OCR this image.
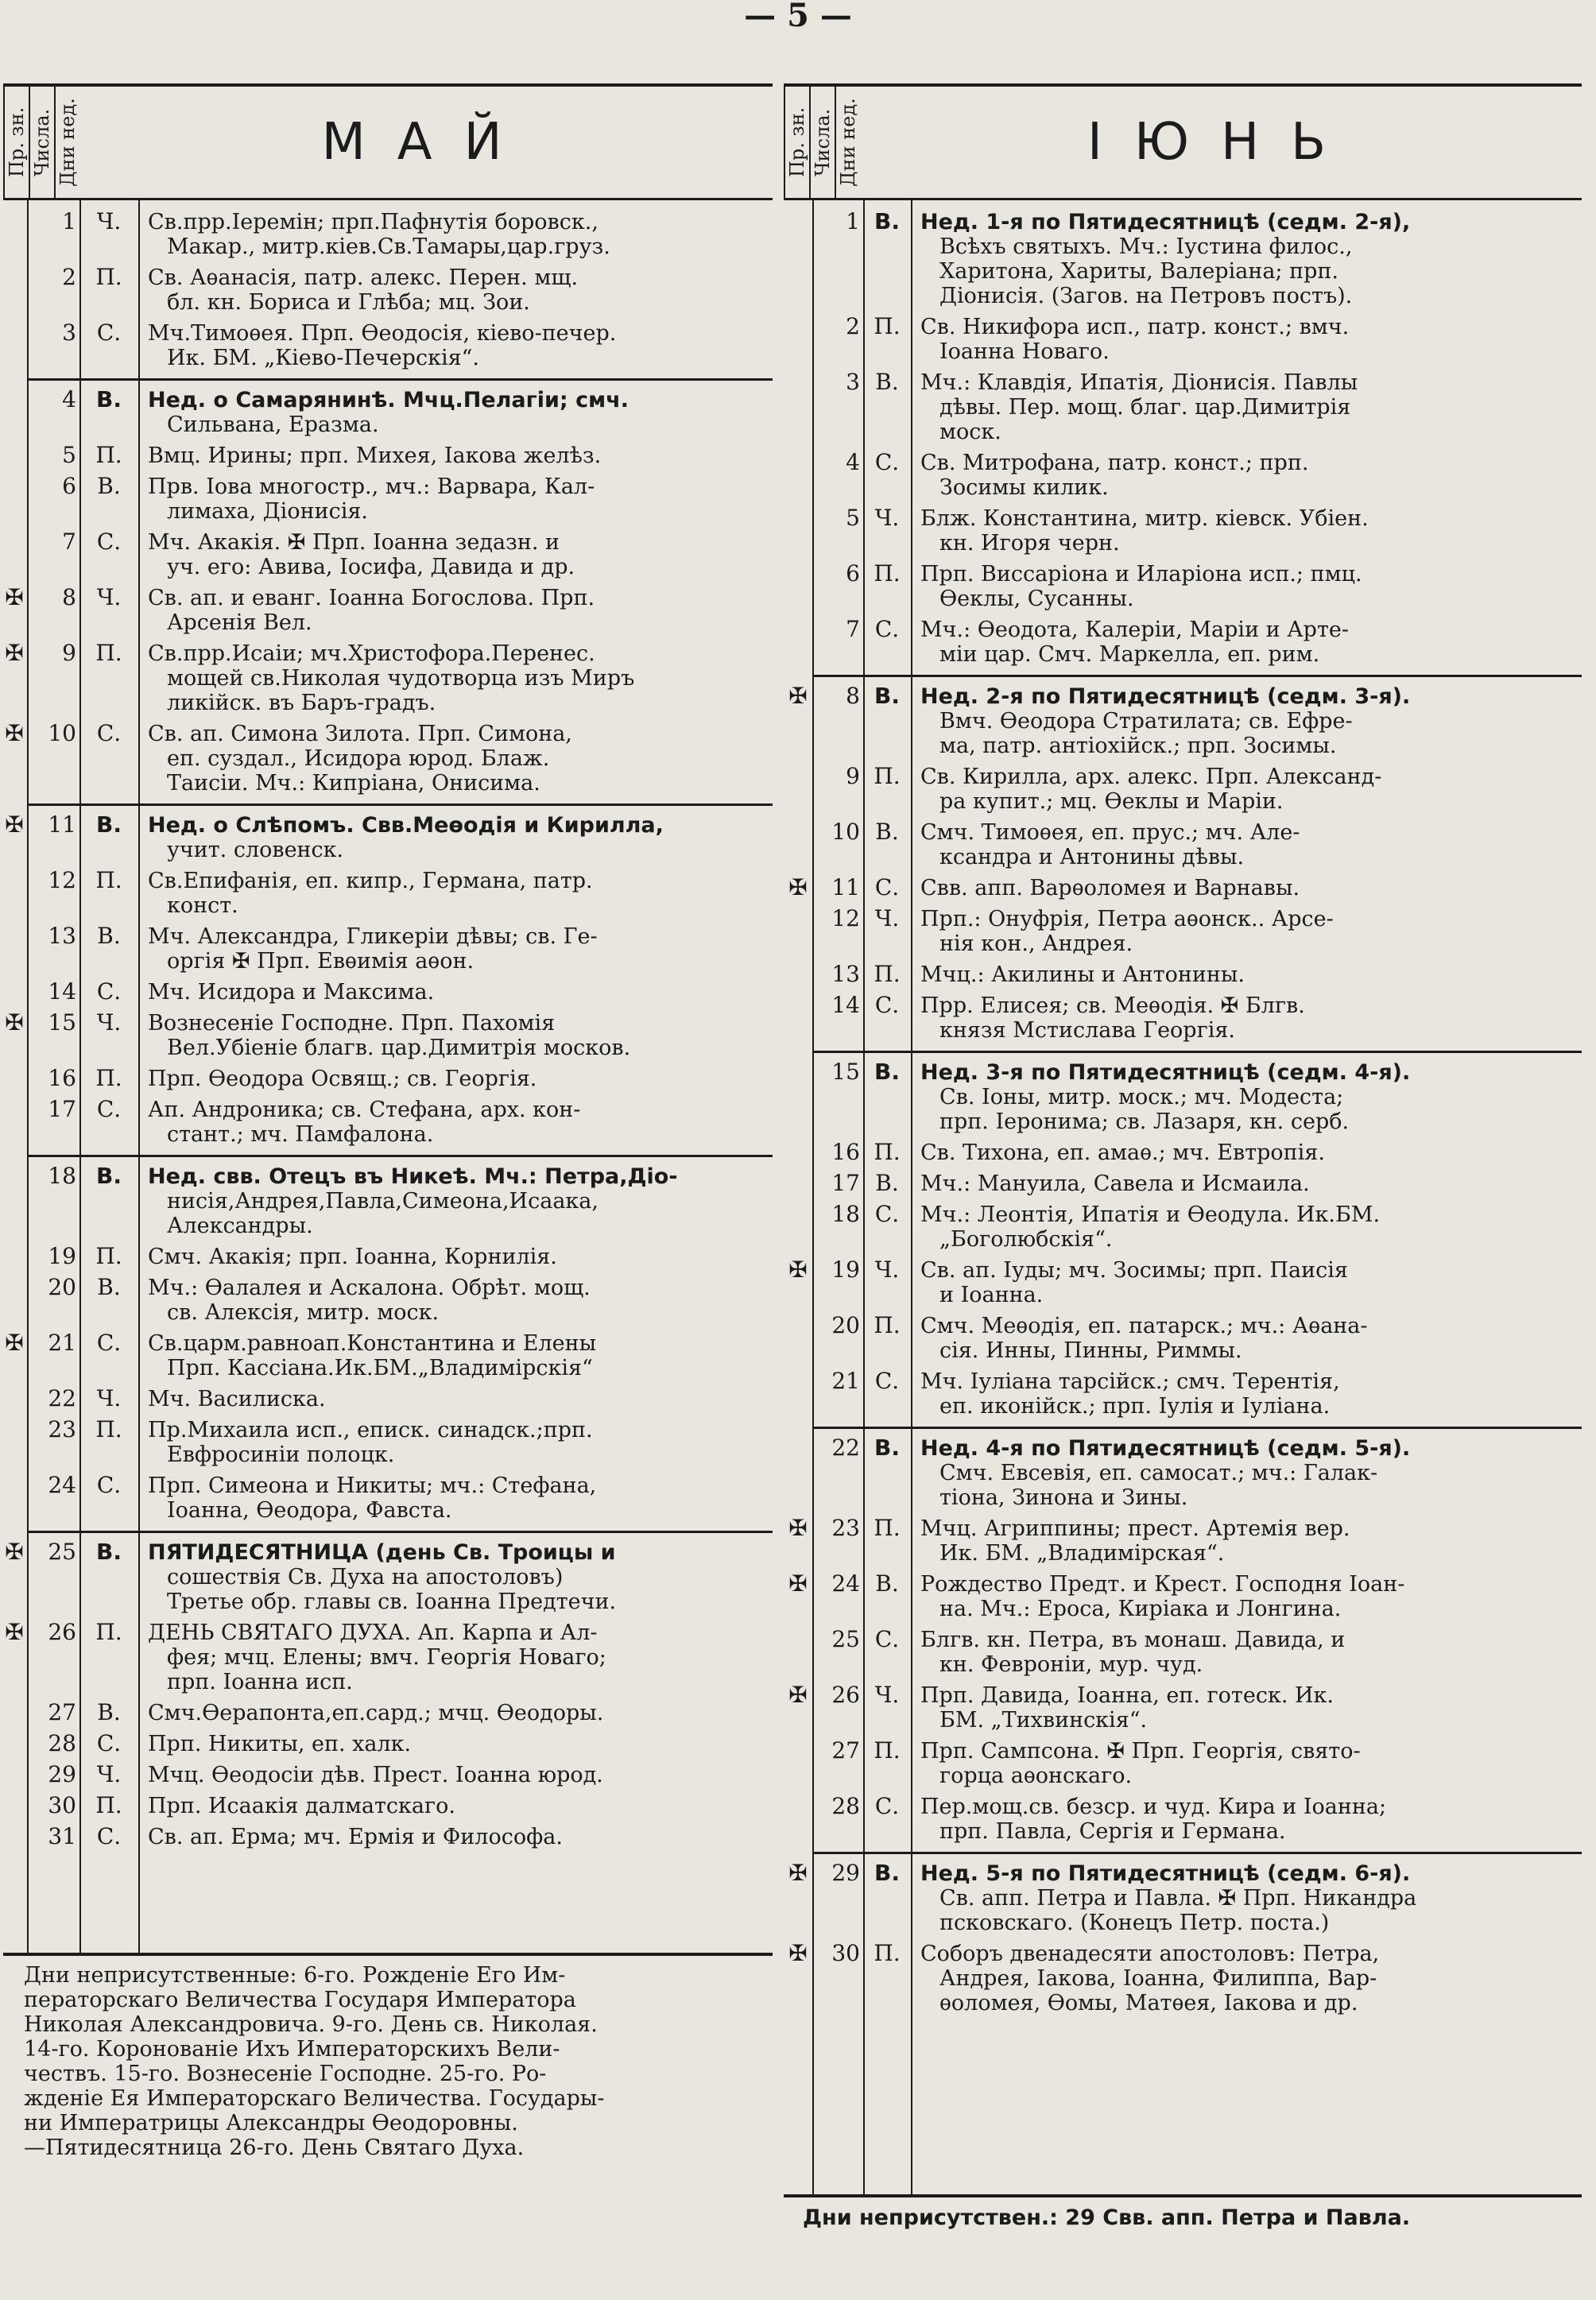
— 5 —
Пр. зн. Числа. Дни нед.	МАЙ
1 Ч.	Св.прр.Іеремін; прп.Пафнутія боровск.,
Макар., митр.кіев.Св.Тамары,цар.груз.
2 П.	Св. Аѳанасія, патр. алекс. Перен. мщ.
бл. кн. Бориса и Глѣба; мц. Зои.
3 С.	Мч.Тимоѳея. Прп. Ѳеодосія, кіево-печер.
Ик. БМ. „Кіево-Печерскія“.
4 В.	Нед. о Самарянинѣ. Мчц.Пелагіи; смч.
Сильвана, Еразма.
5 П.	Вмц. Ирины; прп. Михея, Іакова желѣз.
6 В.	Прв. Іова многостр., мч.: Варвара, Кал-
лимаха, Діонисія.
7 С.	Мч. Акакія. ✠ Прп. Іоанна зедазн. и
уч. его: Авива, Іосифа, Давида и др.
✠	8 Ч.	Св. ап. и еванг. Іоанна Богослова. Прп.
Арсенія Вел.
✠	9 П.	Св.прр.Исаіи; мч.Христофора.Перенес.
мощей св.Николая чудотворца изъ Миръ
ликійск. въ Баръ-градъ.
✠	10 С.	Св. ап. Симона Зилота. Прп. Симона,
еп. суздал., Исидора юрод. Блаж.
Таисіи. Мч.: Кипріана, Онисима.
✠	11 В.	Нед. о Слѣпомъ. Свв.Меѳодія и Кирилла,
учит. словенск.
12 П.	Св.Епифанія, еп. кипр., Германа, патр.
конст.
13 В.	Мч. Александра, Гликеріи дѣвы; св. Ге-
оргія ✠ Прп. Евѳимія аѳон.
14 С.	Мч. Исидора и Максима.
✠	15 Ч.	Вознесеніе Господне. Прп. Пахомія
Вел.Убіеніе благв. цар.Димитрія москов.
16 П.	Прп. Ѳеодора Освящ.; св. Георгія.
17 С.	Ап. Андроника; св. Стефана, арх. кон-
стант.; мч. Памфалона.
18 В.	Нед. свв. Отецъ въ Никеѣ. Мч.: Петра,Діо-
нисія,Андрея,Павла,Симеона,Исаака,
Александры.
19 П.	Смч. Акакія; прп. Іоанна, Корнилія.
20 В.	Мч.: Ѳалалея и Аскалона. Обрѣт. мощ.
св. Алексія, митр. моск.
✠	21 С.	Св.царм.равноап.Константина и Елены
Прп. Кассіана.Ик.БМ.„Владимірскія“
22 Ч.	Мч. Василиска.
23 П.	Пр.Михаила исп., еписк. синадск.;прп.
Евфросиніи полоцк.
24 С.	Прп. Симеона и Никиты; мч.: Стефана,
Іоанна, Ѳеодора, Фавста.
✠	25 В.	ПЯТИДЕСЯТНИЦА (день Св. Троицы и
сошествія Св. Духа на апостоловъ)
Третье обр. главы св. Іоанна Предтечи.
✠	26 П.	ДЕНЬ СВЯТАГО ДУХА. Ап. Карпа и Ал-
фея; мчц. Елены; вмч. Георгія Новаго;
прп. Іоанна исп.
27 В.	Смч.Ѳерапонта,еп.сард.; мчц. Ѳеодоры.
28 С.	Прп. Никиты, еп. халк.
29 Ч.	Мчц. Ѳеодосіи дѣв. Прест. Іоанна юрод.
30 П.	Прп. Исаакія далматскаго.
31 С.	Св. ап. Ерма; мч. Ермія и Философа.
Пр. зн. Числа. Дни нед.	ІЮНЬ
1 В. Нед. 1-я по Пятидесятницѣ (седм. 2-я),
Всѣхъ святыхъ. Мч.: Іустина филос.,
Харитона, Хариты, Валеріана; прп.
Діонисія. (Загов. на Петровъ постъ).
2 П. Св. Никифора исп., патр. конст.; вмч.
Іоанна Новаго.
3 В.	Мч.: Клавдія, Ипатія, Діонисія. Павлы
дѣвы. Пер. мощ. благ. цар.Димитрія
моск.
4 С. Св. Митрофана, патр. конст.; прп.
Зосимы килик.
5 Ч. Блж. Константина, митр. кіевск. Убіен.
кн. Игоря черн.
6 П. Прп. Виссаріона и Иларіона исп.; пмц.
Ѳеклы, Сусанны.
7 С. Мч.: Ѳеодота, Калеріи, Маріи и Арте-
міи цар. Смч. Маркелла, еп. рим.
✠	8 В. Нед. 2-я по Пятидесятницѣ (седм. 3-я).
Вмч. Ѳеодора Стратилата; св. Ефре-
ма, патр. антіохійск.; прп. Зосимы.
9 П. Св. Кирилла, арх. алекс. Прп. Александ-
ра купит.; мц. Ѳеклы и Маріи.
10 В.	Смч. Тимоѳея, еп. прус.; мч. Але-
ксандра и Антонины дѣвы.
✠	11 С. Свв. апп. Варѳоломея и Варнавы.
12 Ч. Прп.: Онуфрія, Петра аѳонск.. Арсе-
нія кон., Андрея.
13 П. Мчц.: Акилины и Антонины.
14 С. Прр. Елисея; св. Меѳодія. ✠ Блгв.
князя Мстислава Георгія.
15 В. Нед. 3-я по Пятидесятницѣ (седм. 4-я).
Св. Іоны, митр. моск.; мч. Модеста;
прп. Іеронима; св. Лазаря, кн. серб.
16 П. Св. Тихона, еп. амаѳ.; мч. Евтропія.
17 В.	Мч.: Мануила, Савела и Исмаила.
18 С. Мч.: Леонтія, Ипатія и Ѳеодула. Ик.БМ.
„Боголюбскія“.
✠	19 Ч. Св. ап. Іуды; мч. Зосимы; прп. Паисія
и Іоанна.
20 П. Смч. Меѳодія, еп. патарск.; мч.: Аѳана-
сія. Инны, Пинны, Риммы.
21 С. Мч. Іуліана тарсійск.; смч. Терентія,
еп. иконійск.; прп. Іулія и Іуліана.
22 В. Нед. 4-я по Пятидесятницѣ (седм. 5-я).
Смч. Евсевія, еп. самосат.; мч.: Галак-
тіона, Зинона и Зины.
✠	23 П. Мчц. Агриппины; прест. Артемія вер.
Ик. БМ. „Владимірская“.
✠	24 В.	Рождество Предт. и Крест. Господня Іоан-
на. Мч.: Ероса, Киріака и Лонгина.
25 С. Блгв. кн. Петра, въ монаш. Давида, и
кн. Февроніи, мур. чуд.
✠	26 Ч. Прп. Давида, Іоанна, еп. готеск. Ик.
БМ. „Тихвинскія“.
27 П. Прп. Сампсона. ✠ Прп. Георгія, свято-
горца аѳонскаго.
28 С. Пер.мощ.св. безср. и чуд. Кира и Іоанна;
прп. Павла, Сергія и Германа.
✠	29 В. Нед. 5-я по Пятидесятницѣ (седм. 6-я).
Св. апп. Петра и Павла. ✠ Прп. Никандра
псковскаго. (Конецъ Петр. поста.)
✠	30 П. Соборъ двенадесяти апостоловъ: Петра,
Андрея, Іакова, Іоанна, Филиппа, Вар-
ѳоломея, Ѳомы, Матѳея, Іакова и др.
Дни неприсутственные: 6-го. Рожденіе Его Им-
ператорскаго Величества Государя Императора
Николая Александровича. 9-го. День св. Николая.
14-го. Коронованіе Ихъ Императорскихъ Вели-
чествъ. 15-го. Вознесеніе Господне. 25-го. Ро-
жденіе Ея Императорскаго Величества. Государы-
ни Императрицы Александры Ѳеодоровны.
—Пятидесятница 26-го. День Святаго Духа.
Дни неприсутствен.: 29 Свв. апп. Петра и Павла.
